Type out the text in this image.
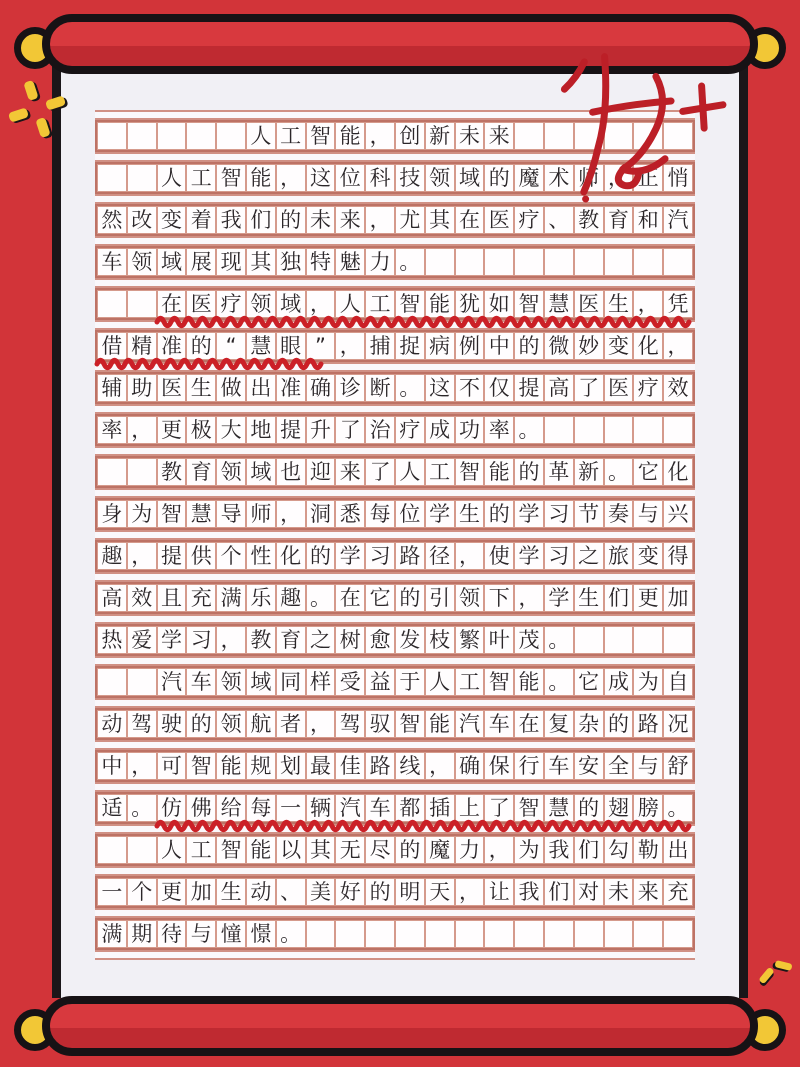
人 工 智 能 ， 创 新 未 来
人 工 智 能 ， 这 位 科 技 领 域 的 魔 术 师 ， 正 悄
然 改 变 着 我 们 的 未 来 ， 尤 其 在 医 疗 、 教 育 和 汽
车 领 域 展 现 其 独 特 魅 力 。
在 医 疗 领 域 ， 人 工 智 能 犹 如 智 慧 医 生 ， 凭
借 精 准 的 “ 慧 眼 ” ， 捕 捉 病 例 中 的 微 妙 变 化 ，
辅 助 医 生 做 出 准 确 诊 断 。 这 不 仅 提 高 了 医 疗 效
率 ， 更 极 大 地 提 升 了 治 疗 成 功 率 。
教 育 领 域 也 迎 来 了 人 工 智 能 的 革 新 。 它 化
身 为 智 慧 导 师 ， 洞 悉 每 位 学 生 的 学 习 节 奏 与 兴
趣 ， 提 供 个 性 化 的 学 习 路 径 ， 使 学 习 之 旅 变 得
高 效 且 充 满 乐 趣 。 在 它 的 引 领 下 ， 学 生 们 更 加
热 爱 学 习 ， 教 育 之 树 愈 发 枝 繁 叶 茂 。
汽 车 领 域 同 样 受 益 于 人 工 智 能 。 它 成 为 自
动 驾 驶 的 领 航 者 ， 驾 驭 智 能 汽 车 在 复 杂 的 路 况
中 ， 可 智 能 规 划 最 佳 路 线 ， 确 保 行 车 安 全 与 舒
适 。 仿 佛 给 每 一 辆 汽 车 都 插 上 了 智 慧 的 翅 膀 。
人 工 智 能 以 其 无 尽 的 魔 力 ， 为 我 们 勾 勒 出
一 个 更 加 生 动 、 美 好 的 明 天 ， 让 我 们 对 未 来 充
满 期 待 与 憧 憬 。
